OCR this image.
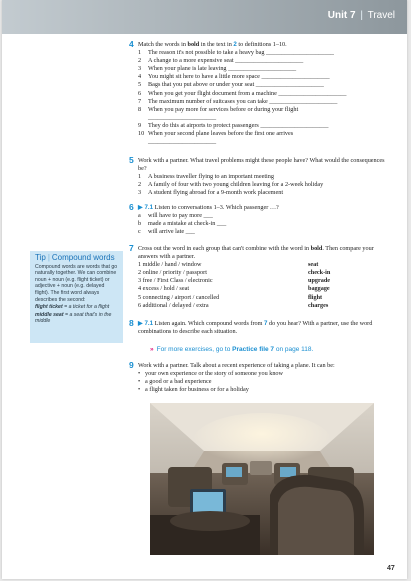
Unit 7 | Travel
4 Match the words in bold in the text in 2 to definitions 1–10.
1 The reason it's not possible to take a heavy bag ______________________
2 A change to a more expensive seat ______________________
3 When your plane is late leaving ______________________
4 You might sit here to have a little more space ______________________
5 Bags that you put above or under your seat ______________________
6 When you get your flight document from a machine ______________________
7 The maximum number of suitcases you can take ______________________
8 When you pay more for services before or during your flight
______________________
9 They do this at airports to protect passengers ______________________
10 When your second plane leaves before the first one arrives
______________________
5 Work with a partner. What travel problems might these people have? What would the consequences be?
1 A business traveller flying to an important meeting
2 A family of four with two young children leaving for a 2-week holiday
3 A student flying abroad for a 9-month work placement
6 ▶ 7.1 Listen to conversations 1–3. Which passenger …?
a will have to pay more ___
b made a mistake at check-in ___
c will arrive late ___
7 Cross out the word in each group that can't combine with the word in bold. Then compare your answers with a partner.
1 middle / hand / window
2 online / priority / passport
3 free / First Class / electronic
4 excess / hold / seat
5 connecting / airport / cancelled
6 additional / delayed / extra
seat
check-in
upgrade
baggage
flight
charges
8 ▶ 7.1 Listen again. Which compound words from 7 do you hear? With a partner, use the word combinations to describe each situation.
» For more exercises, go to Practice file 7 on page 118.
9 Work with a partner. Talk about a recent experience of taking a plane. It can be:
• your own experience or the story of someone you know
• a good or a bad experience
• a flight taken for business or for a holiday
Tip | Compound words

Compound words are words that go naturally together. We can combine noun + noun (e.g. flight ticket) or adjective + noun (e.g. delayed flight). The first word always describes the second:

flight ticket = a ticket for a flight

middle seat = a seat that's in the middle

47
